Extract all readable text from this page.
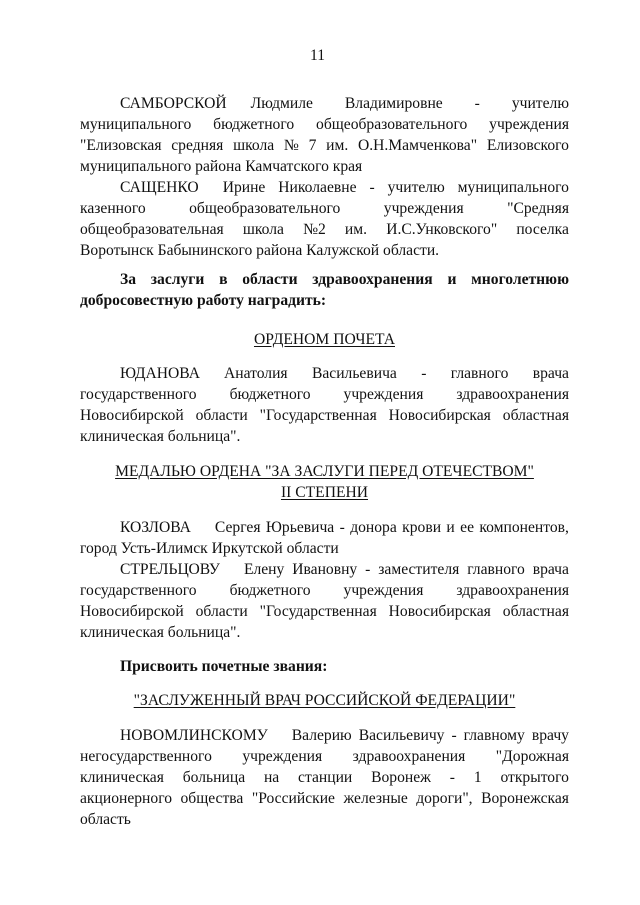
11
САМБОРСКОЙ Людмиле Владимировне - учителю
муниципального бюджетного общеобразовательного учреждения
"Елизовская средняя школа № 7 им. О.Н.Мамченкова" Елизовского
муниципального района Камчатского края
САЩЕНКО Ирине Николаевне - учителю муниципального
казенного	общеобразовательного	учреждения	"Средняя
общеобразовательная школа №2 им. И.С.Унковского" поселка
Воротынск Бабынинского района Калужской области.
За заслуги в области здравоохранения и многолетнюю
добросовестную работу наградить:
ОРДЕНОМ ПОЧЕТА
ЮДАНОВА Анатолия Васильевича - главного врача
государственного бюджетного учреждения здравоохранения
Новосибирской области "Государственная Новосибирская областная
клиническая больница".
МЕДАЛЬЮ ОРДЕНА "ЗА ЗАСЛУГИ ПЕРЕД ОТЕЧЕСТВОМ"
II СТЕПЕНИ
КОЗЛОВА Сергея Юрьевича - донора крови и ее компонентов,
город Усть-Илимск Иркутской области
СТРЕЛЬЦОВУ Елену Ивановну - заместителя главного врача
государственного бюджетного учреждения здравоохранения
Новосибирской области "Государственная Новосибирская областная
клиническая больница".
Присвоить почетные звания:
"ЗАСЛУЖЕННЫЙ ВРАЧ РОССИЙСКОЙ ФЕДЕРАЦИИ"
НОВОМЛИНСКОМУ Валерию Васильевичу - главному врачу
негосударственного учреждения здравоохранения "Дорожная
клиническая больница на станции Воронеж - 1 открытого
акционерного общества "Российские железные дороги", Воронежская
область
